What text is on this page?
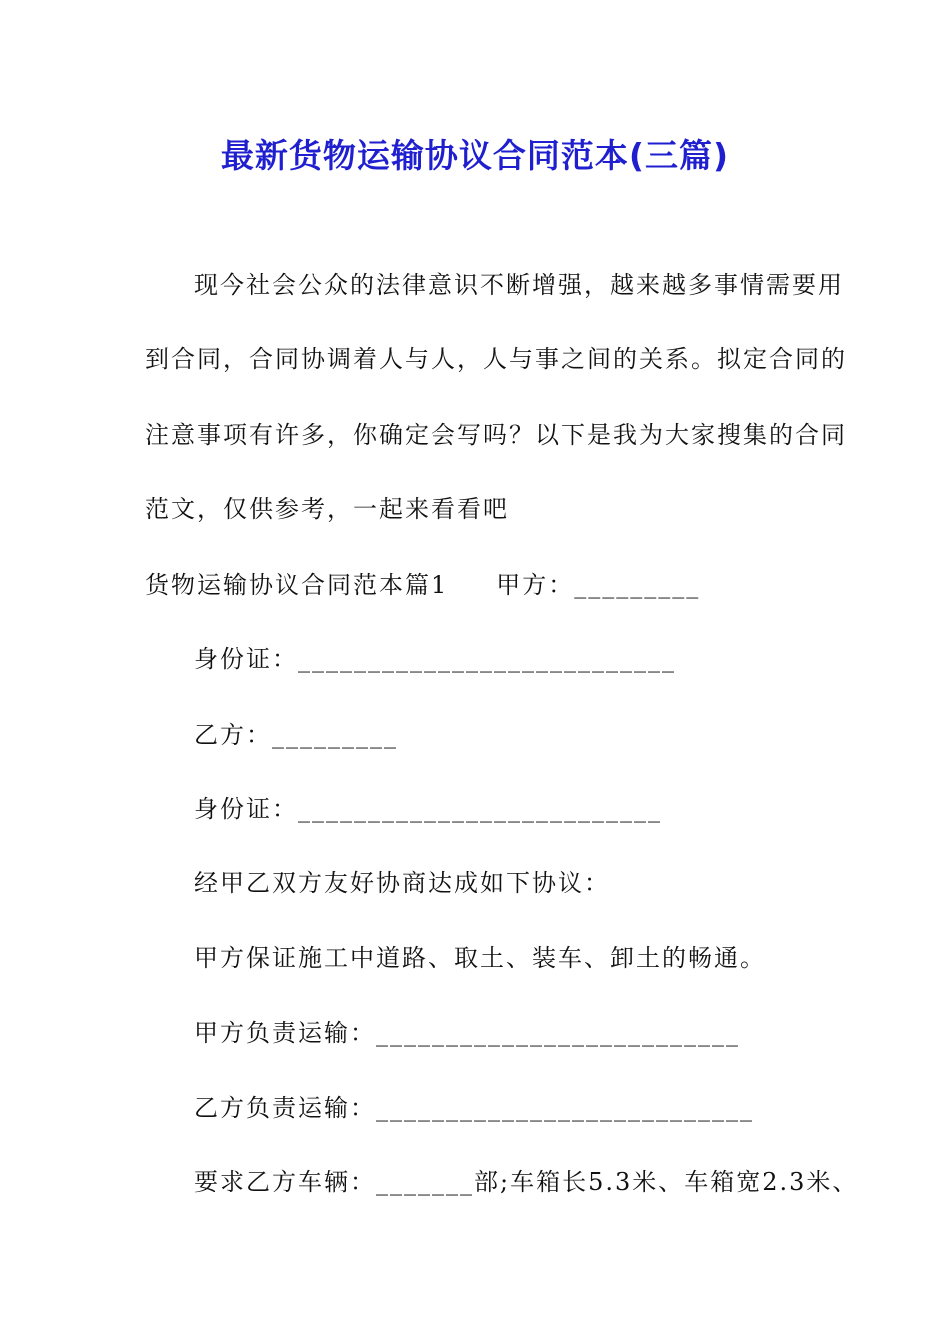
最新货物运输协议合同范本(三篇)
现今社会公众的法律意识不断增强，越来越多事情需要用
到合同，合同协调着人与人，人与事之间的关系。拟定合同的
注意事项有许多，你确定会写吗？以下是我为大家搜集的合同
范文，仅供参考，一起来看看吧
货物运输协议合同范本篇1 甲方：_________
身份证：___________________________
乙方：_________
身份证：__________________________
经甲乙双方友好协商达成如下协议：
甲方保证施工中道路、取土、装车、卸土的畅通。
甲方负责运输：__________________________
乙方负责运输：___________________________
要求乙方车辆：_______部;车箱长5.3米、车箱宽2.3米、
